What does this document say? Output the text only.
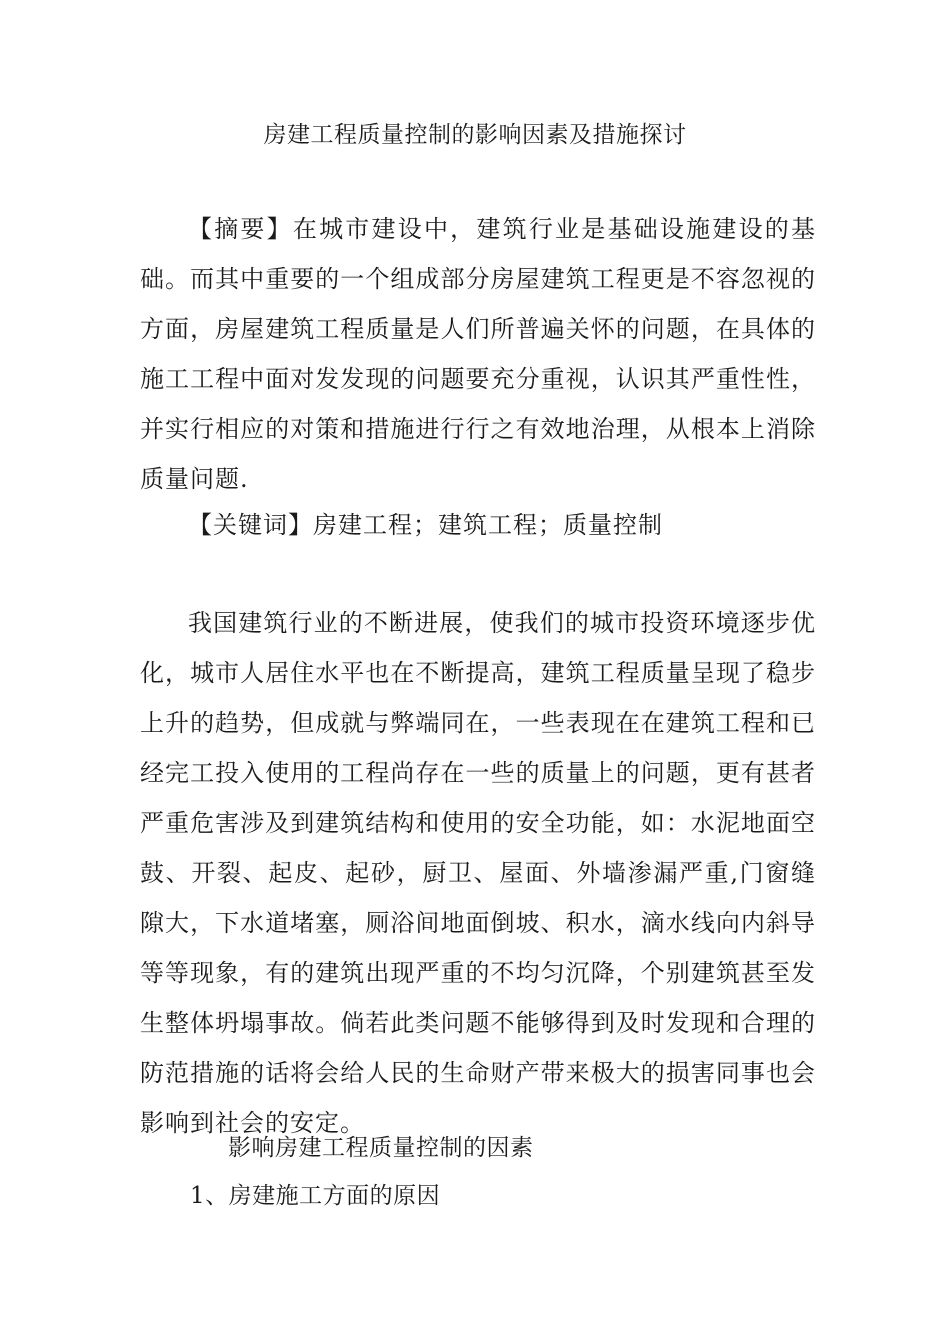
房建工程质量控制的影响因素及措施探讨
【摘要】在城市建设中，建筑行业是基础设施建设的基础。而其中重要的一个组成部分房屋建筑工程更是不容忽视的方面，房屋建筑工程质量是人们所普遍关怀的问题，在具体的施工工程中面对发发现的问题要充分重视，认识其严重性性，并实行相应的对策和措施进行行之有效地治理，从根本上消除质量问题.
【关键词】房建工程；建筑工程；质量控制
我国建筑行业的不断进展，使我们的城市投资环境逐步优化，城市人居住水平也在不断提高，建筑工程质量呈现了稳步上升的趋势，但成就与弊端同在，一些表现在在建筑工程和已经完工投入使用的工程尚存在一些的质量上的问题，更有甚者严重危害涉及到建筑结构和使用的安全功能，如：水泥地面空鼓、开裂、起皮、起砂，厨卫、屋面、外墙渗漏严重,门窗缝隙大，下水道堵塞，厕浴间地面倒坡、积水，滴水线向内斜导等等现象，有的建筑出现严重的不均匀沉降，个别建筑甚至发生整体坍塌事故。倘若此类问题不能够得到及时发现和合理的防范措施的话将会给人民的生命财产带来极大的损害同事也会影响到社会的安定。
影响房建工程质量控制的因素
1、房建施工方面的原因
